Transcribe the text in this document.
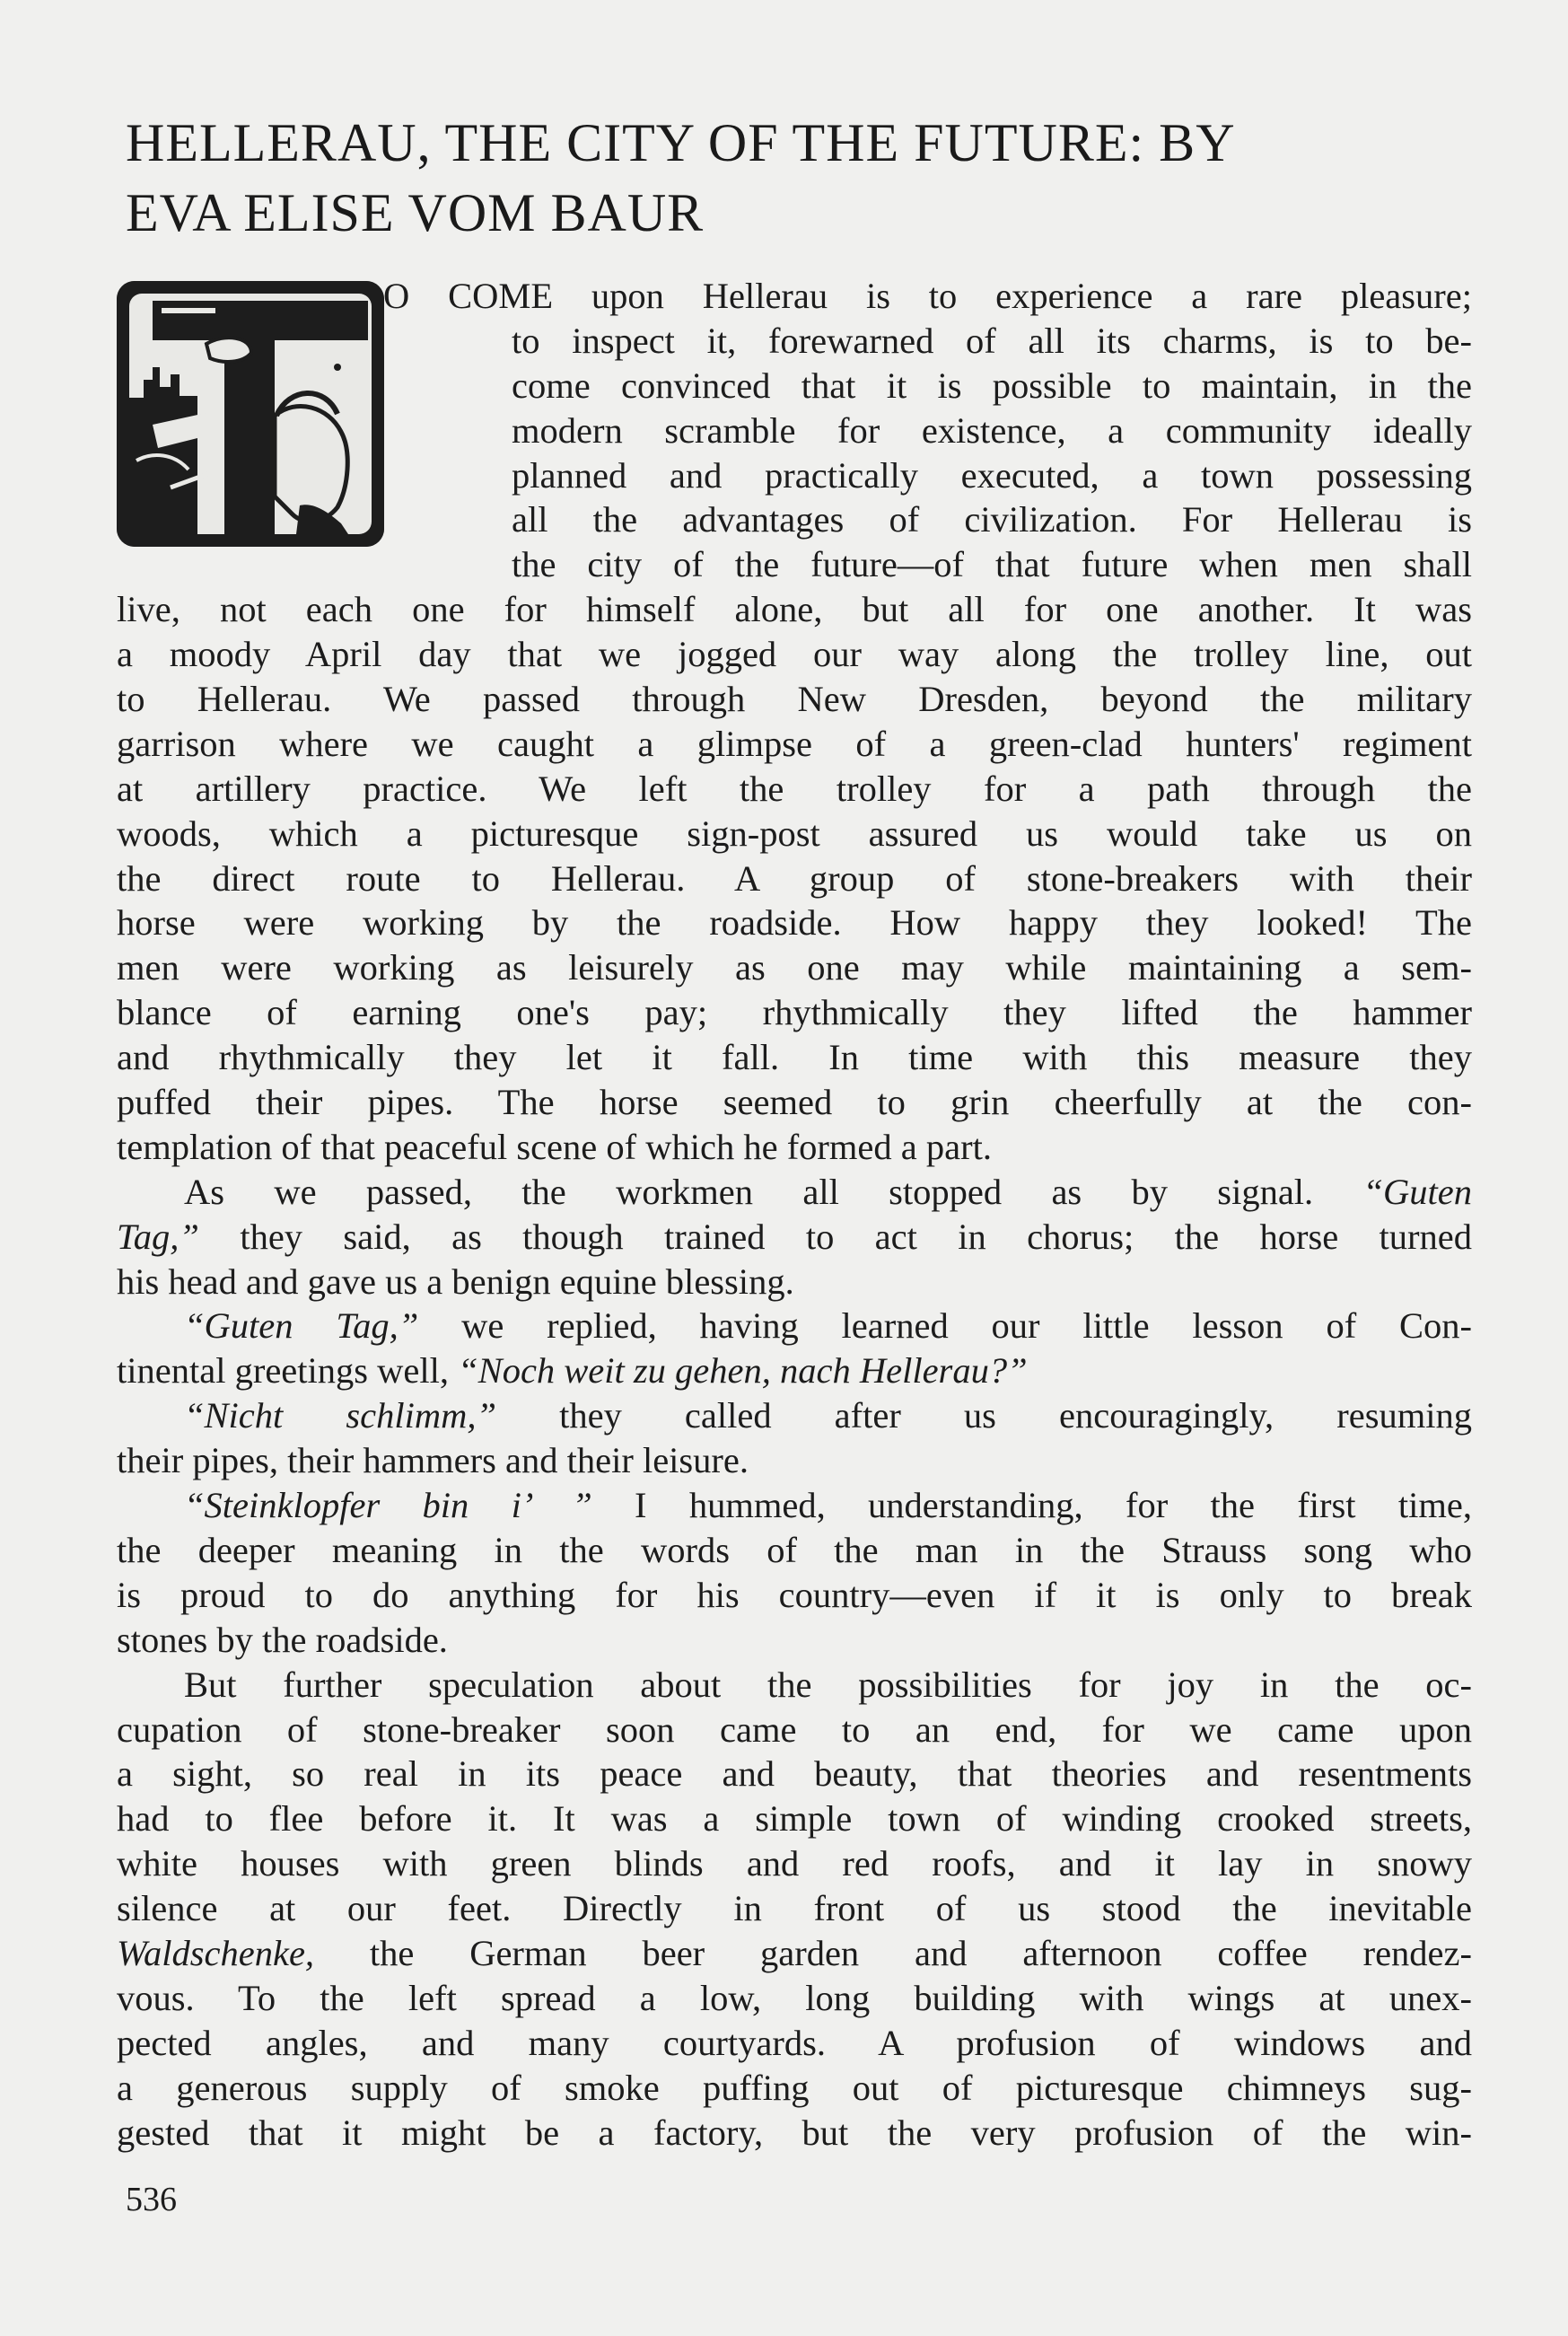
HELLERAU, THE CITY OF THE FUTURE: BY
EVA ELISE VOM BAUR
O COME upon Hellerau is to experience a rare pleasure;
to inspect it, forewarned of all its charms, is to be-
come convinced that it is possible to maintain, in the
modern scramble for existence, a community ideally
planned and practically executed, a town possessing
all the advantages of civilization. For Hellerau is
the city of the future—of that future when men shall
live, not each one for himself alone, but all for one another. It was
a moody April day that we jogged our way along the trolley line, out
to Hellerau. We passed through New Dresden, beyond the military
garrison where we caught a glimpse of a green-clad hunters' regiment
at artillery practice. We left the trolley for a path through the
woods, which a picturesque sign-post assured us would take us on
the direct route to Hellerau. A group of stone-breakers with their
horse were working by the roadside. How happy they looked! The
men were working as leisurely as one may while maintaining a sem-
blance of earning one's pay; rhythmically they lifted the hammer
and rhythmically they let it fall. In time with this measure they
puffed their pipes. The horse seemed to grin cheerfully at the con-
templation of that peaceful scene of which he formed a part.
As we passed, the workmen all stopped as by signal. “Guten
Tag,” they said, as though trained to act in chorus; the horse turned
his head and gave us a benign equine blessing.
“Guten Tag,” we replied, having learned our little lesson of Con-
tinental greetings well, “Noch weit zu gehen, nach Hellerau?”
“Nicht schlimm,” they called after us encouragingly, resuming
their pipes, their hammers and their leisure.
“Steinklopfer bin i’ ” I hummed, understanding, for the first time,
the deeper meaning in the words of the man in the Strauss song who
is proud to do anything for his country—even if it is only to break
stones by the roadside.
But further speculation about the possibilities for joy in the oc-
cupation of stone-breaker soon came to an end, for we came upon
a sight, so real in its peace and beauty, that theories and resentments
had to flee before it. It was a simple town of winding crooked streets,
white houses with green blinds and red roofs, and it lay in snowy
silence at our feet. Directly in front of us stood the inevitable
Waldschenke, the German beer garden and afternoon coffee rendez-
vous. To the left spread a low, long building with wings at unex-
pected angles, and many courtyards. A profusion of windows and
a generous supply of smoke puffing out of picturesque chimneys sug-
gested that it might be a factory, but the very profusion of the win-
536
